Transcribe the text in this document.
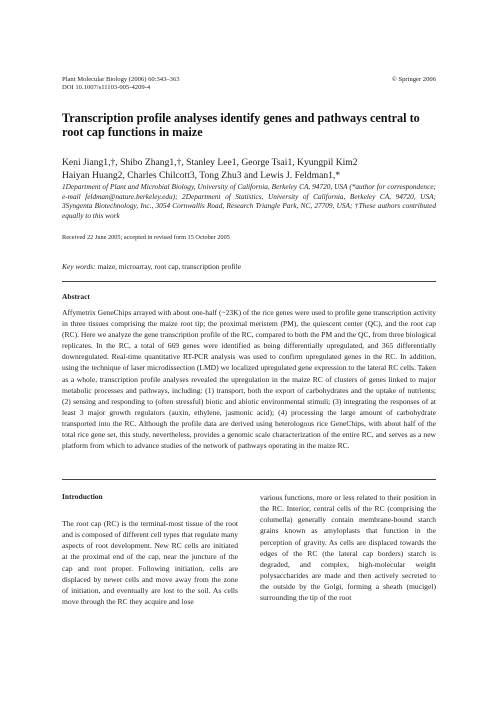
Plant Molecular Biology (2006) 60:343–363
DOI 10.1007/s11103-005-4209-4
© Springer 2006
Transcription profile analyses identify genes and pathways central to root cap functions in maize
Keni Jiang1,†, Shibo Zhang1,†, Stanley Lee1, George Tsai1, Kyungpil Kim2
Haiyan Huang2, Charles Chilcott3, Tong Zhu3 and Lewis J. Feldman1,*
1Department of Plant and Microbial Biology, University of California, Berkeley CA, 94720, USA (*author for correspondence; e-mail feldman@nature.berkeley.edu); 2Department of Statistics, University of California, Berkeley CA, 94720, USA; 3Syngenta Biotechnology, Inc., 3054 Cornwallis Road, Research Triangle Park, NC, 27709, USA; †These authors contributed equally to this work
Received 22 June 2005; accepted in revised form 15 October 2005
Key words: maize, microarray, root cap, transcription profile
Abstract

Affymetrix GeneChips arrayed with about one-half (~23K) of the rice genes were used to profile gene transcription activity in three tissues comprising the maize root tip; the proximal meristem (PM), the quiescent center (QC), and the root cap (RC). Here we analyze the gene transcription profile of the RC, compared to both the PM and the QC, from three biological replicates. In the RC, a total of 669 genes were identified as being differentially upregulated, and 365 differentially downregulated. Real-time quantitative RT-PCR analysis was used to confirm upregulated genes in the RC. In addition, using the technique of laser microdissection (LMD) we localized upregulated gene expression to the lateral RC cells. Taken as a whole, transcription profile analyses revealed the upregulation in the maize RC of clusters of genes linked to major metabolic processes and pathways, including: (1) transport, both the export of carbohydrates and the uptake of nutrients; (2) sensing and responding to (often stressful) biotic and abiotic environmental stimuli; (3) integrating the responses of at least 3 major growth regulators (auxin, ethylene, jasmonic acid); (4) processing the large amount of carbohydrate transported into the RC. Although the profile data are derived using heterologous rice GeneChips, with about half of the total rice gene set, this study, nevertheless, provides a genomic scale characterization of the entire RC, and serves as a new platform from which to advance studies of the network of pathways operating in the maize RC.

Introduction

The root cap (RC) is the terminal-most tissue of the root and is composed of different cell types that regulate many aspects of root development. New RC cells are initiated at the proximal end of the cap, near the juncture of the cap and root proper. Following initiation, cells are displaced by newer cells and move away from the zone of initiation, and eventually are lost to the soil. As cells move through the RC they acquire and lose

various functions, more or less related to their position in the RC. Interior, central cells of the RC (comprising the columella) generally contain membrane-bound starch grains known as amyloplasts that function in the perception of gravity. As cells are displaced towards the edges of the RC (the lateral cap borders) starch is degraded, and complex, high-molecular weight polysaccharides are made and then actively secreted to the outside by the Golgi, forming a sheath (mucigel) surrounding the tip of the root
